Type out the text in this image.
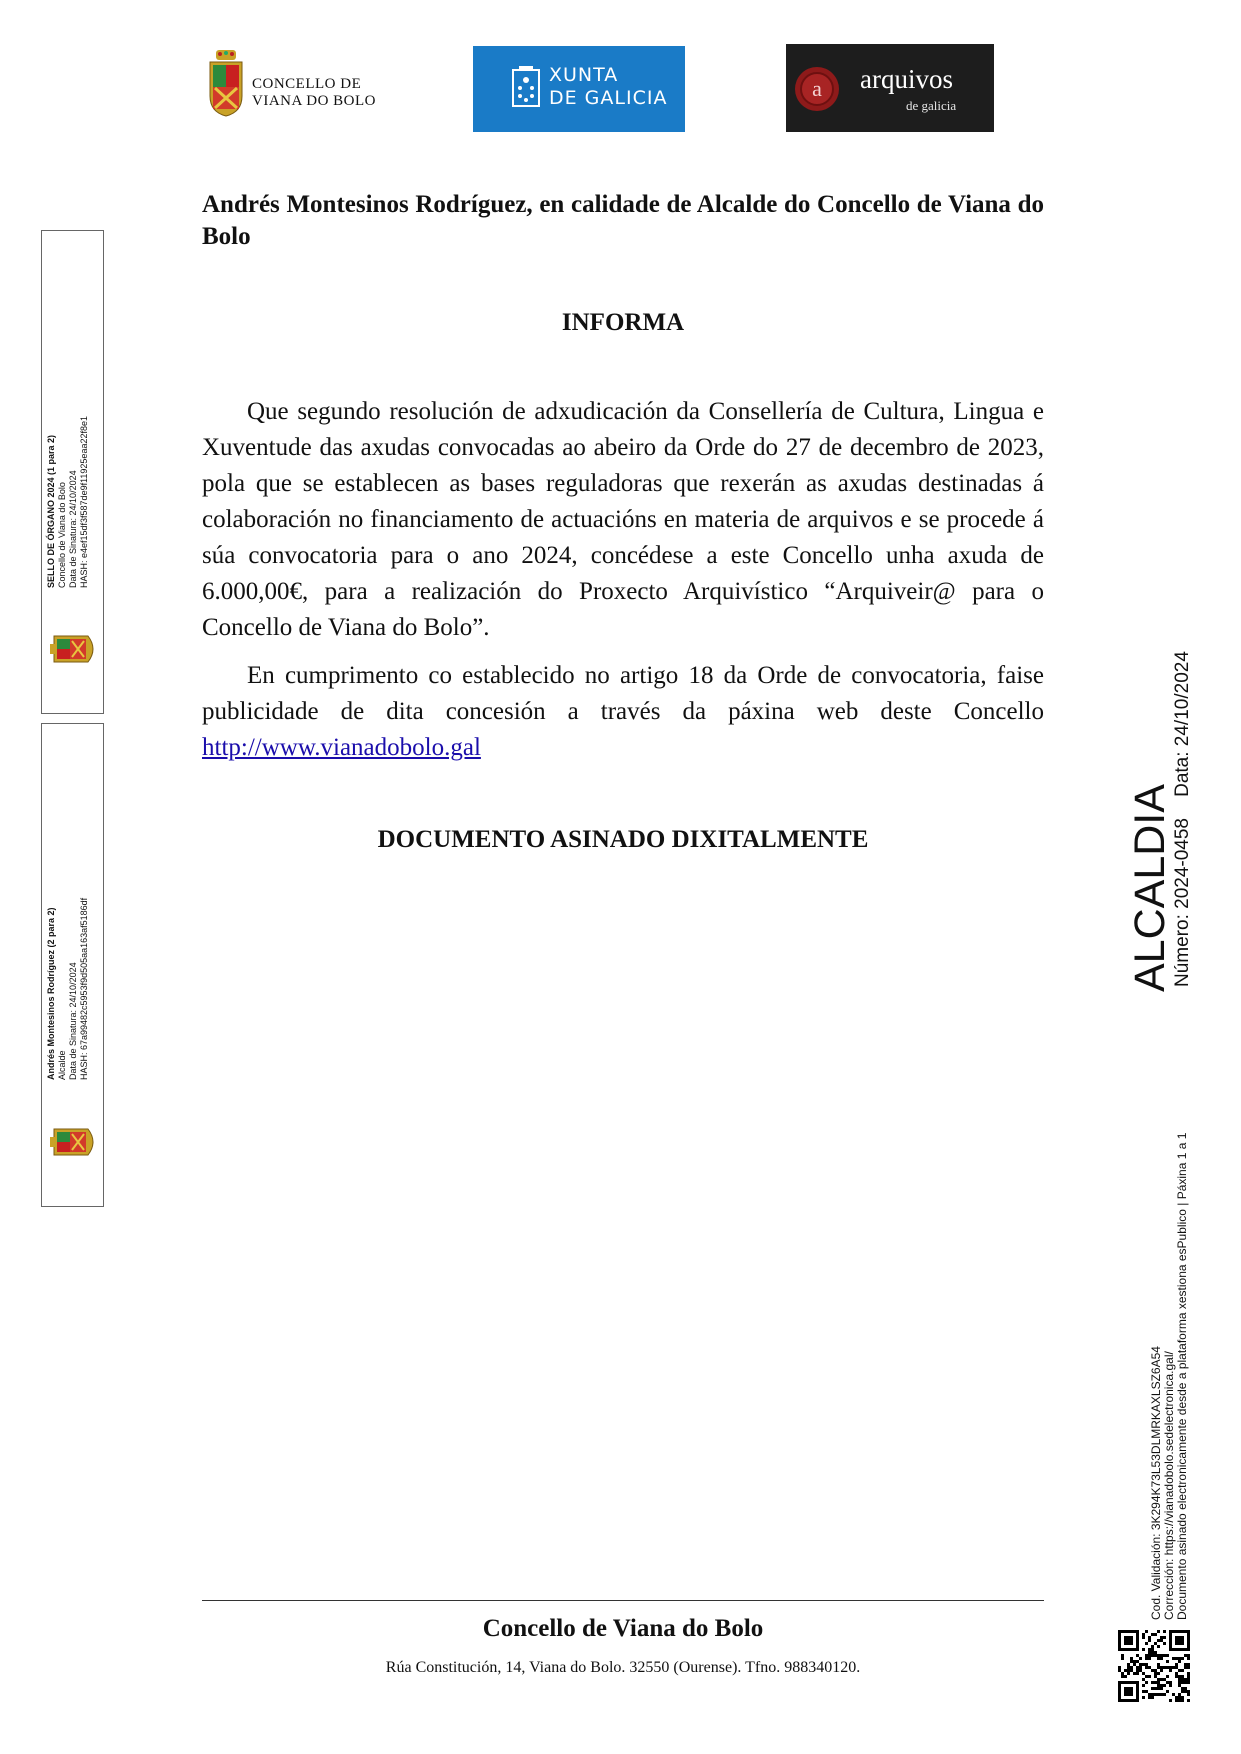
CONCELLO DE
VIANA DO BOLO
XUNTA
DE GALICIA	a arquivos
de galicia

Andrés Montesinos Rodríguez, en calidade de Alcalde do Concello de Viana do Bolo

INFORMA

Que segundo resolución de adxudicación da Consellería de Cultura, Lingua e Xuventude das axudas convocadas ao abeiro da Orde do 27 de decembro de 2023, pola que se establecen as bases reguladoras que rexerán as axudas destinadas á colaboración no financiamento de actuacións en materia de arquivos e se procede á súa convocatoria para o ano 2024, concédese a este Concello unha axuda de 6.000,00€, para a realización do Proxecto Arquivístico “Arquiveir@ para o Concello de Viana do Bolo”.

En cumprimento co establecido no artigo 18 da Orde de convocatoria, faise publicidade de dita concesión a través da páxina web deste Concello http://www.vianadobolo.gal

DOCUMENTO ASINADO DIXITALMENTE

Concello de Viana do Bolo

Rúa Constitución, 14, Viana do Bolo. 32550 (Ourense). Tfno. 988340120.

SELLO DE ÓRGANO 2024 (1 para 2) Concello de Viana do Bolo Data de Sinatura: 24/10/2024 HASH: e4ef15df3f587de9f11925eaa22f8e1
Andrés Montesinos Rodríguez (2 para 2) Alcalde Data de Sinatura: 24/10/2024 HASH: 67a99482c5953f9d505aa163af5186df	ALCALDIA
Número: 2024-0458    Data: 24/10/2024
Cod. Validación: 3K294K73L53DLMRKAXLSZ6A54 Corrección: https://vianadobolo.sedelectronica.gal/ Documento asinado electronicamente desde a plataforma xestiona esPublico | Páxina 1 a 1
